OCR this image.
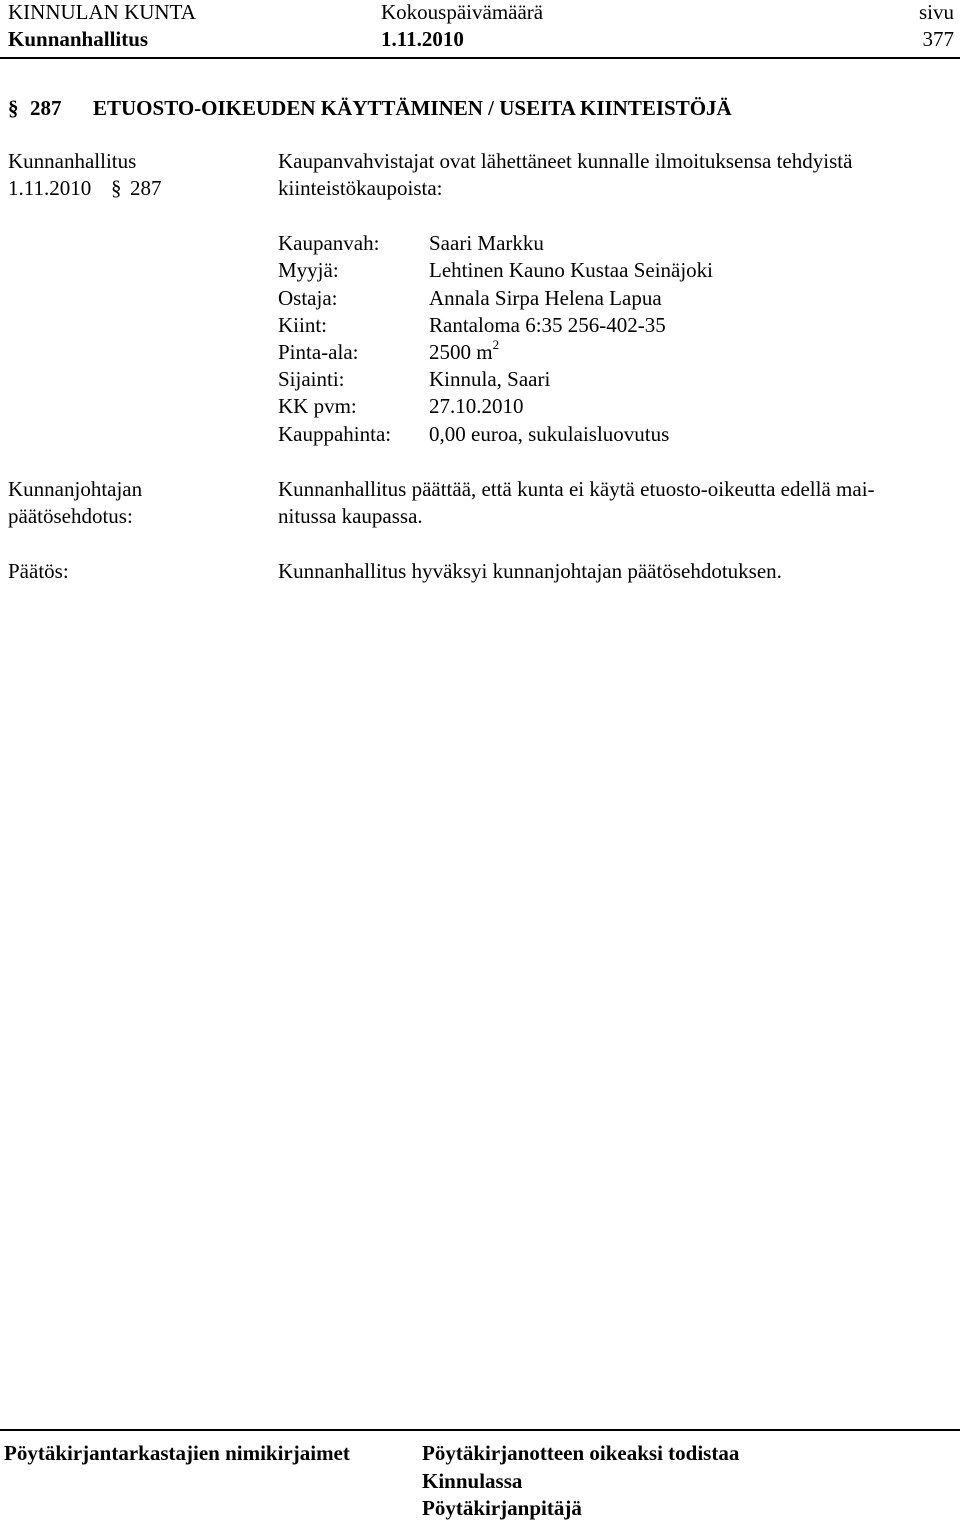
KINNULAN KUNTA
Kunnanhallitus
Kokouspäivämäärä
1.11.2010
sivu
377
§ 287 ETUOSTO-OIKEUDEN KÄYTTÄMINEN / USEITA KIINTEISTÖJÄ
Kunnanhallitus
1.11.2010 § 287
Kaupanvahvistajat ovat lähettäneet kunnalle ilmoituksensa tehdyistä
kiinteistökaupoista:
Kaupanvah: Saari Markku
Myyjä:	Lehtinen Kauno Kustaa Seinäjoki
Ostaja:	Annala Sirpa Helena Lapua
Kiint:	Rantaloma 6:35 256-402-35
Pinta-ala:	2500 $m^2$
Sijainti:	Kinnula, Saari
KK pvm:	27.10.2010
Kauppahinta: 0,00 euroa, sukulaisluovutus
Kunnanjohtajan
päätösehdotus:
Kunnanhallitus päättää, että kunta ei käytä etuosto-oikeutta edellä mai-
nitussa kaupassa.
Päätös:	Kunnanhallitus hyväksyi kunnanjohtajan päätösehdotuksen.
Pöytäkirjantarkastajien nimikirjaimet	Pöytäkirjanotteen oikeaksi todistaa
Kinnulassa
Pöytäkirjanpitäjä
